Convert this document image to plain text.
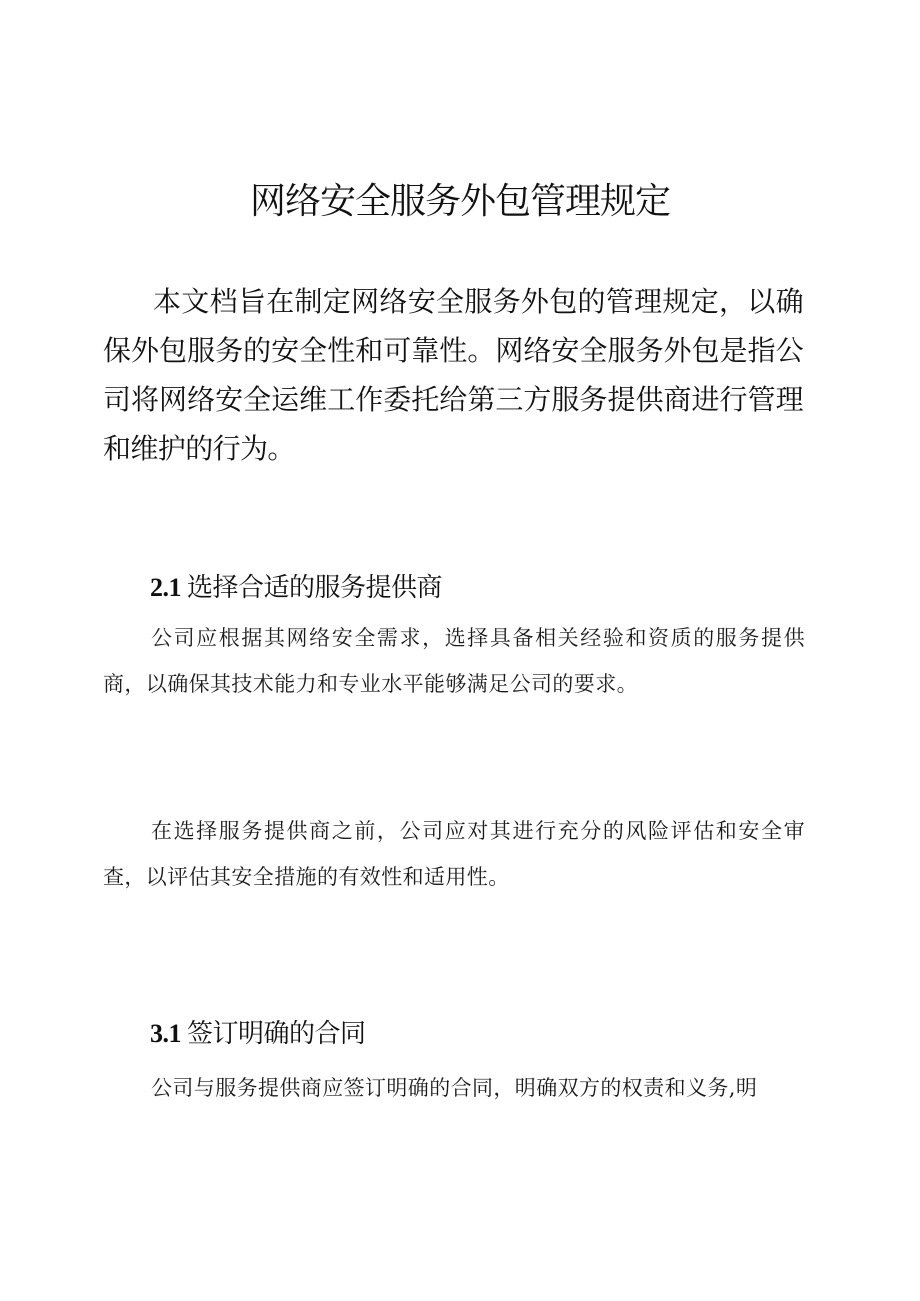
网络安全服务外包管理规定

本文档旨在制定网络安全服务外包的管理规定，以确保外包服务的安全性和可靠性。网络安全服务外包是指公司将网络安全运维工作委托给第三方服务提供商进行管理和维护的行为。

2.1 选择合适的服务提供商

公司应根据其网络安全需求，选择具备相关经验和资质的服务提供商，以确保其技术能力和专业水平能够满足公司的要求。

在选择服务提供商之前，公司应对其进行充分的风险评估和安全审查，以评估其安全措施的有效性和适用性。

3.1 签订明确的合同

公司与服务提供商应签订明确的合同，明确双方的权责和义务,明
